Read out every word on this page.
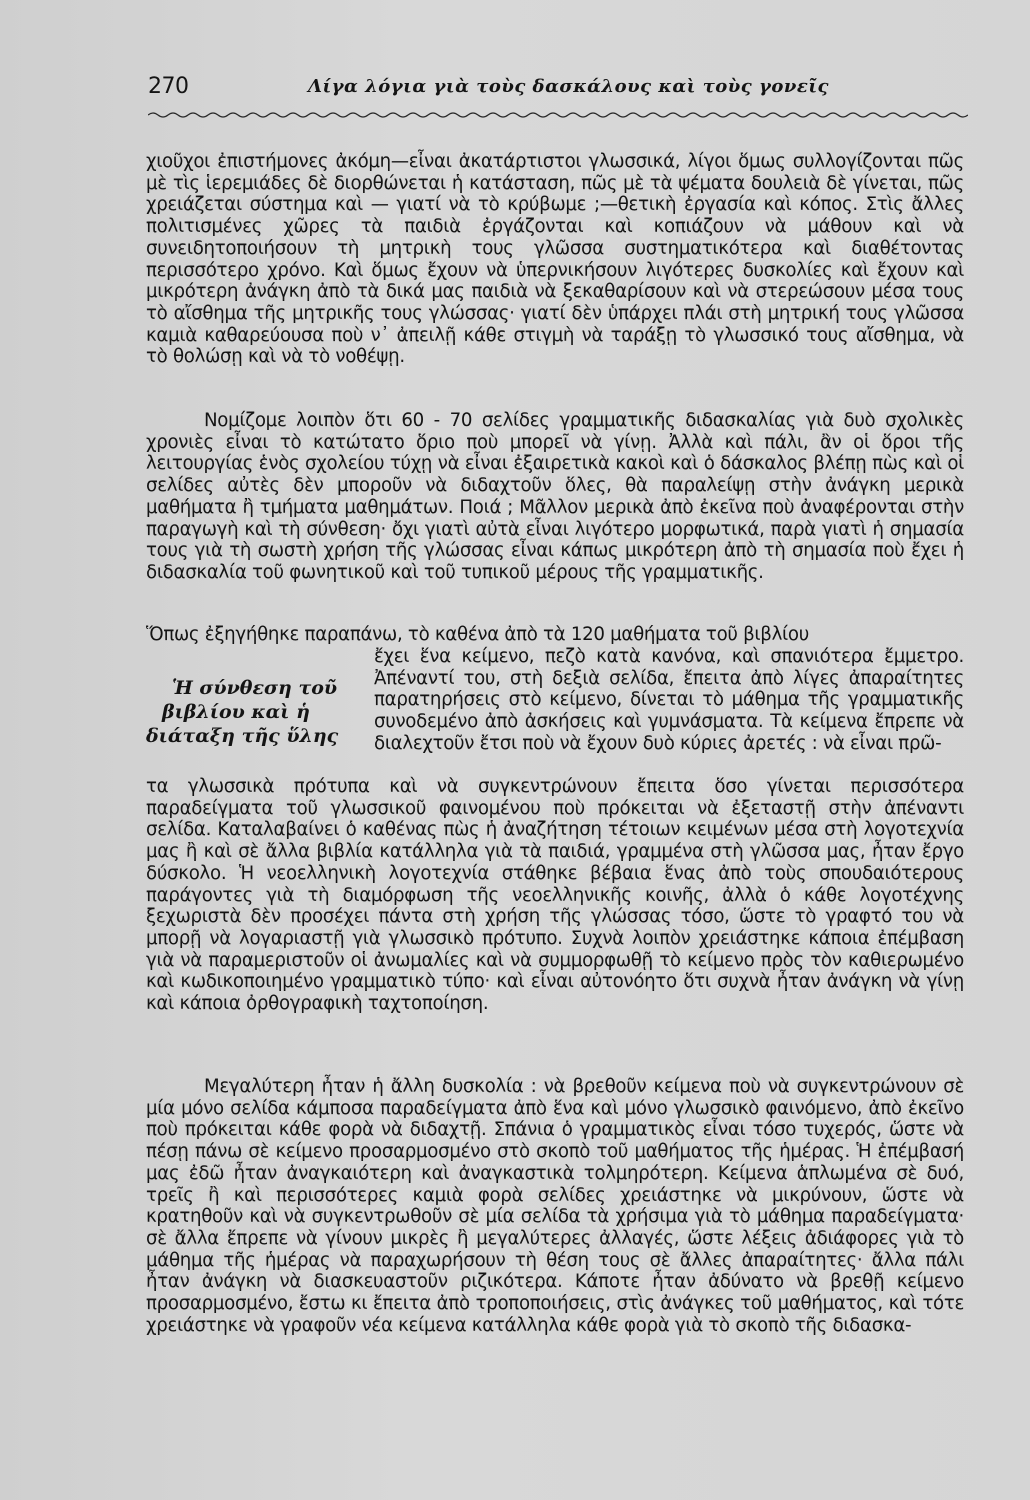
270	Λίγα λόγια γιὰ τοὺς δασκάλους καὶ τοὺς γονεῖς
χιοῦχοι ἐπιστήμονες ἀκόμη—εἶναι ἀκατάρτιστοι γλωσσικά, λίγοι ὅμως συλλογίζονται πῶς μὲ τὶς ἱερεμιάδες δὲ διορθώνεται ἡ κατάσταση, πῶς μὲ τὰ ψέματα δουλειὰ δὲ γίνεται, πῶς χρειάζεται σύστημα καὶ — γιατί νὰ τὸ κρύβωμε ;—θετικὴ ἐργασία καὶ κόπος. Στὶς ἄλλες πολιτισμένες χῶρες τὰ παιδιὰ ἐργάζονται καὶ κοπιάζουν νὰ μάθουν καὶ νὰ συνειδητοποιήσουν τὴ μητρικὴ τους γλῶσσα συστηματικότερα καὶ διαθέτοντας περισσότερο χρόνο. Καὶ ὅμως ἔχουν νὰ ὑπερνικήσουν λιγότερες δυσκολίες καὶ ἔχουν καὶ μικρότερη ἀνάγκη ἀπὸ τὰ δικά μας παιδιὰ νὰ ξεκαθαρίσουν καὶ νὰ στερεώσουν μέσα τους τὸ αἴσθημα τῆς μητρικῆς τους γλώσσας· γιατί δὲν ὑπάρχει πλάι στὴ μητρική τους γλῶσσα καμιὰ καθαρεύουσα ποὺ ν᾽ ἀπειλῇ κάθε στιγμὴ νὰ ταράξῃ τὸ γλωσσικό τους αἴσθημα, νὰ τὸ θολώσῃ καὶ νὰ τὸ νοθέψῃ.
Νομίζομε λοιπὸν ὅτι 60 - 70 σελίδες γραμματικῆς διδασκαλίας γιὰ δυὸ σχολικὲς χρονιὲς εἶναι τὸ κατώτατο ὅριο ποὺ μπορεῖ νὰ γίνῃ. Ἀλλὰ καὶ πάλι, ἂν οἱ ὅροι τῆς λειτουργίας ἑνὸς σχολείου τύχῃ νὰ εἶναι ἐξαιρετικὰ κακοὶ καὶ ὁ δάσκαλος βλέπῃ πὼς καὶ οἱ σελίδες αὐτὲς δὲν μποροῦν νὰ διδαχτοῦν ὅλες, θὰ παραλείψῃ στὴν ἀνάγκη μερικὰ μαθήματα ἢ τμήματα μαθημάτων. Ποιά ; Μᾶλλον μερικὰ ἀπὸ ἐκεῖνα ποὺ ἀναφέρονται στὴν παραγωγὴ καὶ τὴ σύνθεση· ὄχι γιατὶ αὐτὰ εἶναι λιγότερο μορφωτικά, παρὰ γιατὶ ἡ σημασία τους γιὰ τὴ σωστὴ χρήση τῆς γλώσσας εἶναι κάπως μικρότερη ἀπὸ τὴ σημασία ποὺ ἔχει ἡ διδασκαλία τοῦ φωνητικοῦ καὶ τοῦ τυπικοῦ μέρους τῆς γραμματικῆς.
Ὅπως ἐξηγήθηκε παραπάνω, τὸ καθένα ἀπὸ τὰ 120 μαθήματα τοῦ βιβλίου
Ἡ σύνθεση τοῦ
βιβλίου καὶ ἡ
διάταξη τῆς ὕλης
ἔχει ἕνα κείμενο, πεζὸ κατὰ κανόνα, καὶ σπανιότερα ἔμμετρο. Ἀπέναντί του, στὴ δεξιὰ σελίδα, ἔπειτα ἀπὸ λίγες ἀπαραίτητες παρατηρήσεις στὸ κείμενο, δίνεται τὸ μάθημα τῆς γραμματικῆς συνοδεμένο ἀπὸ ἀσκήσεις καὶ γυμνάσματα. Τὰ κείμενα ἔπρεπε νὰ διαλεχτοῦν ἔτσι ποὺ νὰ ἔχουν δυὸ κύριες ἀρετές : νὰ εἶναι πρῶ-
τα γλωσσικὰ πρότυπα καὶ νὰ συγκεντρώνουν ἔπειτα ὅσο γίνεται περισσότερα παραδείγματα τοῦ γλωσσικοῦ φαινομένου ποὺ πρόκειται νὰ ἐξεταστῇ στὴν ἀπέναντι σελίδα. Καταλαβαίνει ὁ καθένας πὼς ἡ ἀναζήτηση τέτοιων κειμένων μέσα στὴ λογοτεχνία μας ἢ καὶ σὲ ἄλλα βιβλία κατάλληλα γιὰ τὰ παιδιά, γραμμένα στὴ γλῶσσα μας, ἦταν ἔργο δύσκολο. Ἡ νεοελληνικὴ λογοτεχνία στάθηκε βέβαια ἕνας ἀπὸ τοὺς σπουδαιότερους παράγοντες γιὰ τὴ διαμόρφωση τῆς νεοελληνικῆς κοινῆς, ἀλλὰ ὁ κάθε λογοτέχνης ξεχωριστὰ δὲν προσέχει πάντα στὴ χρήση τῆς γλώσσας τόσο, ὥστε τὸ γραφτό του νὰ μπορῇ νὰ λογαριαστῇ γιὰ γλωσσικὸ πρότυπο. Συχνὰ λοιπὸν χρειάστηκε κάποια ἐπέμβαση γιὰ νὰ παραμεριστοῦν οἱ ἀνωμαλίες καὶ νὰ συμμορφωθῇ τὸ κείμενο πρὸς τὸν καθιερωμένο καὶ κωδικοποιημένο γραμματικὸ τύπο· καὶ εἶναι αὐτονόητο ὅτι συχνὰ ἦταν ἀνάγκη νὰ γίνῃ καὶ κάποια ὀρθογραφικὴ ταχτοποίηση.
Μεγαλύτερη ἦταν ἡ ἄλλη δυσκολία : νὰ βρεθοῦν κείμενα ποὺ νὰ συγκεντρώνουν σὲ μία μόνο σελίδα κάμποσα παραδείγματα ἀπὸ ἕνα καὶ μόνο γλωσσικὸ φαινόμενο, ἀπὸ ἐκεῖνο ποὺ πρόκειται κάθε φορὰ νὰ διδαχτῇ. Σπάνια ὁ γραμματικὸς εἶναι τόσο τυχερός, ὥστε νὰ πέσῃ πάνω σὲ κείμενο προσαρμοσμένο στὸ σκοπὸ τοῦ μαθήματος τῆς ἡμέρας. Ἡ ἐπέμβασή μας ἐδῶ ἦταν ἀναγκαιότερη καὶ ἀναγκαστικὰ τολμηρότερη. Κείμενα ἁπλωμένα σὲ δυό, τρεῖς ἢ καὶ περισσότερες καμιὰ φορὰ σελίδες χρειάστηκε νὰ μικρύνουν, ὥστε νὰ κρατηθοῦν καὶ νὰ συγκεντρωθοῦν σὲ μία σελίδα τὰ χρήσιμα γιὰ τὸ μάθημα παραδείγματα· σὲ ἄλλα ἔπρεπε νὰ γίνουν μικρὲς ἢ μεγαλύτερες ἀλλαγές, ὥστε λέξεις ἀδιάφορες γιὰ τὸ μάθημα τῆς ἡμέρας νὰ παραχωρήσουν τὴ θέση τους σὲ ἄλλες ἀπαραίτητες· ἄλλα πάλι ἦταν ἀνάγκη νὰ διασκευαστοῦν ριζικότερα. Κάποτε ἦταν ἀδύνατο νὰ βρεθῇ κείμενο προσαρμοσμένο, ἔστω κι ἔπειτα ἀπὸ τροποποιήσεις, στὶς ἀνάγκες τοῦ μαθήματος, καὶ τότε χρειάστηκε νὰ γραφοῦν νέα κείμενα κατάλληλα κάθε φορὰ γιὰ τὸ σκοπὸ τῆς διδασκα-
